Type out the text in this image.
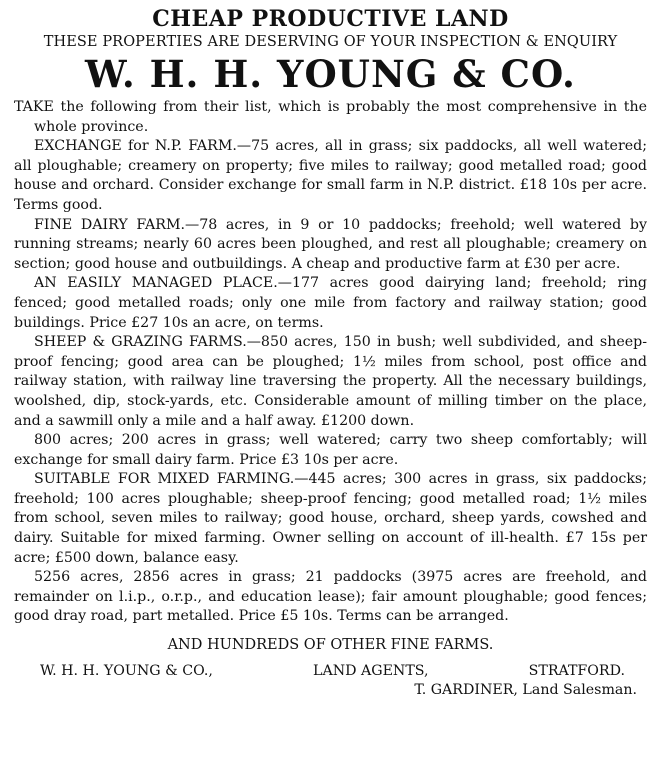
CHEAP PRODUCTIVE LAND
THESE PROPERTIES ARE DESERVING OF YOUR INSPECTION & ENQUIRY
W. H. H. YOUNG & CO.

TAKE the following from their list, which is probably the most comprehensive in the whole province.

EXCHANGE for N.P. FARM.—75 acres, all in grass; six paddocks, all well watered; all ploughable; creamery on property; five miles to railway; good metalled road; good house and orchard. Consider exchange for small farm in N.P. district. £18 10s per acre. Terms good.

FINE DAIRY FARM.—78 acres, in 9 or 10 paddocks; freehold; well watered by running streams; nearly 60 acres been ploughed, and rest all ploughable; creamery on section; good house and outbuildings. A cheap and productive farm at £30 per acre.

AN EASILY MANAGED PLACE.—177 acres good dairying land; freehold; ring fenced; good metalled roads; only one mile from factory and railway station; good buildings. Price £27 10s an acre, on terms.

SHEEP & GRAZING FARMS.—850 acres, 150 in bush; well subdivided, and sheep-proof fencing; good area can be ploughed; 1½ miles from school, post office and railway station, with railway line traversing the property. All the necessary buildings, woolshed, dip, stock-yards, etc. Considerable amount of milling timber on the place, and a sawmill only a mile and a half away. £1200 down.

800 acres; 200 acres in grass; well watered; carry two sheep comfortably; will exchange for small dairy farm. Price £3 10s per acre.

SUITABLE FOR MIXED FARMING.—445 acres; 300 acres in grass, six paddocks; freehold; 100 acres ploughable; sheep-proof fencing; good metalled road; 1½ miles from school, seven miles to railway; good house, orchard, sheep yards, cowshed and dairy. Suitable for mixed farming. Owner selling on account of ill-health. £7 15s per acre; £500 down, balance easy.

5256 acres, 2856 acres in grass; 21 paddocks (3975 acres are freehold, and remainder on l.i.p., o.r.p., and education lease); fair amount ploughable; good fences; good dray road, part metalled. Price £5 10s. Terms can be arranged.

AND HUNDREDS OF OTHER FINE FARMS.
W. H. H. YOUNG & CO.,	LAND AGENTS,	STRATFORD.
T. GARDINER, Land Salesman.
